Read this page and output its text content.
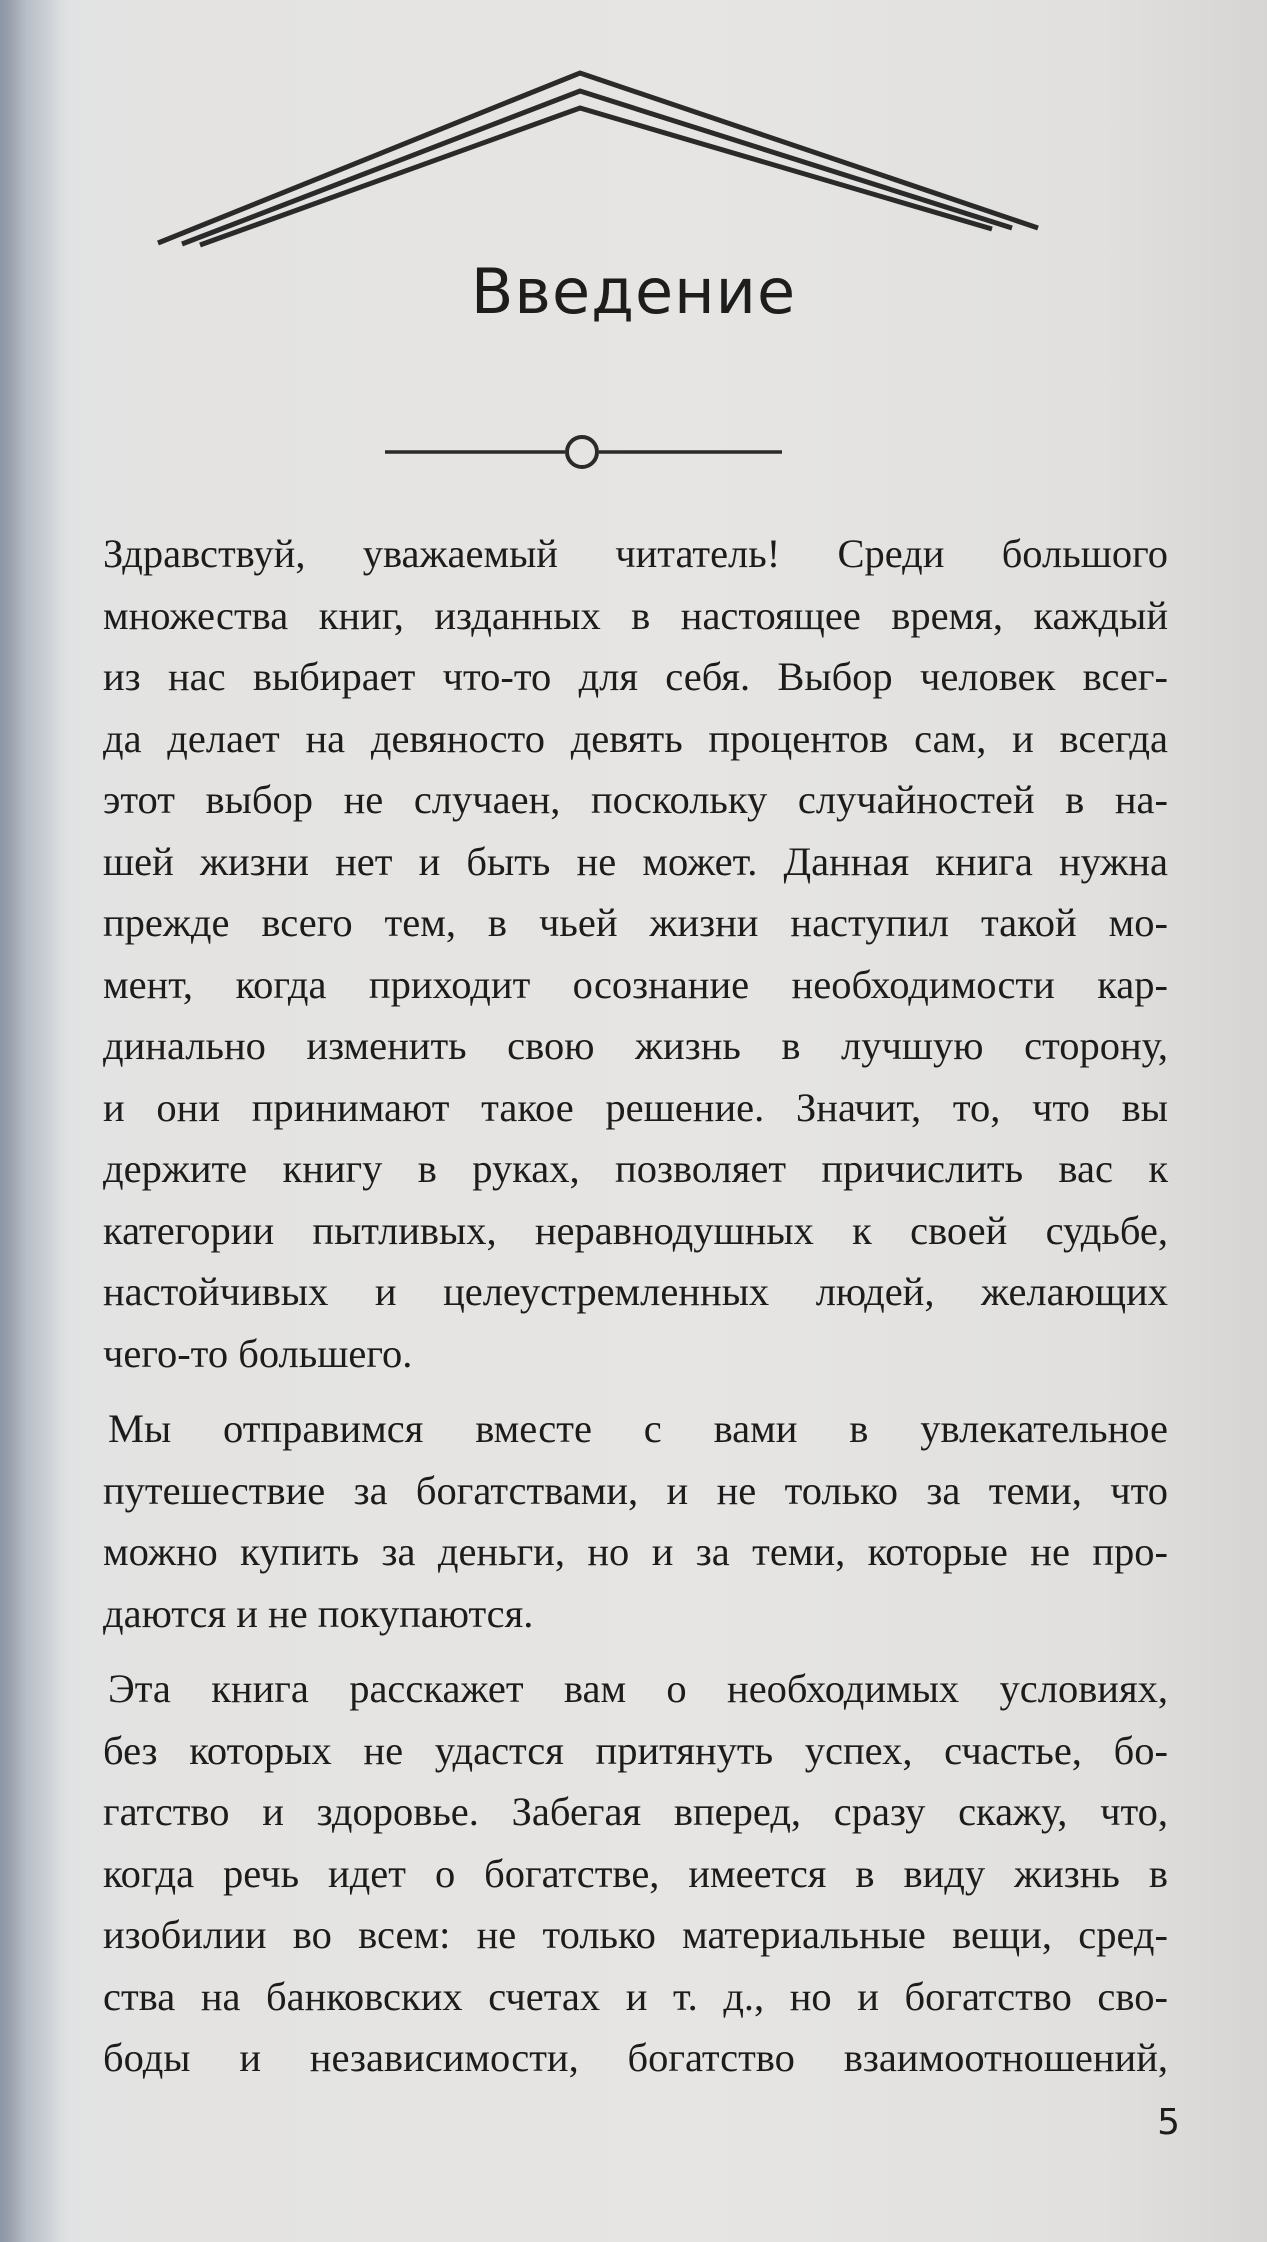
Введение
Здравствуй, уважаемый читатель! Среди большого
множества книг, изданных в настоящее время, каждый
из нас выбирает что-то для себя. Выбор человек всег-
да делает на девяносто девять процентов сам, и всегда
этот выбор не случаен, поскольку случайностей в на-
шей жизни нет и быть не может. Данная книга нужна
прежде всего тем, в чьей жизни наступил такой мо-
мент, когда приходит осознание необходимости кар-
динально изменить свою жизнь в лучшую сторону,
и они принимают такое решение. Значит, то, что вы
держите книгу в руках, позволяет причислить вас к
категории пытливых, неравнодушных к своей судьбе,
настойчивых и целеустремленных людей, желающих
чего-то большего.
Мы отправимся вместе с вами в увлекательное
путешествие за богатствами, и не только за теми, что
можно купить за деньги, но и за теми, которые не про-
даются и не покупаются.
Эта книга расскажет вам о необходимых условиях,
без которых не удастся притянуть успех, счастье, бо-
гатство и здоровье. Забегая вперед, сразу скажу, что,
когда речь идет о богатстве, имеется в виду жизнь в
изобилии во всем: не только материальные вещи, сред-
ства на банковских счетах и т. д., но и богатство сво-
боды и независимости, богатство взаимоотношений,
5
